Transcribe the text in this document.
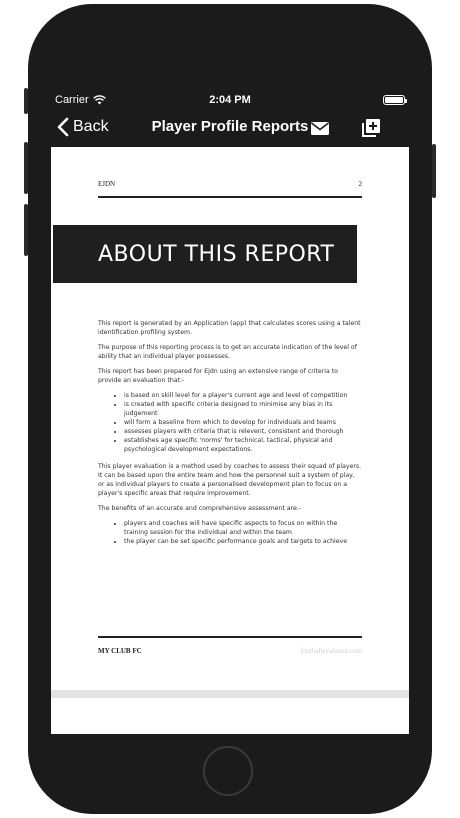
Carrier	2:04 PM
Back	Player Profile Reports
EJDN	2
ABOUT THIS REPORT

This report is generated by an Application (app) that calculates scores using a talent identification profiling system.

The purpose of this reporting process is to get an accurate indication of the level of ability that an individual player possesses.

This report has been prepared for Ejdn using an extensive range of criteria to provide an evaluation that:-

• is based on skill level for a player's current age and level of competition
• is created with specific criteria designed to minimise any bias in its judgement
• will form a baseline from which to develop for individuals and teams
• assesses players with criteria that is relevent, consistent and thorough
• establishes age specific 'norms' for technical, tactical, physical and psychological development expectations.

This player evaluation is a method used by coaches to assess their squad of players. It can be based upon the entire team and how the personnel suit a system of play, or as individual players to create a personalised development plan to focus on a player's specific areas that require improvement.

The benefits of an accurate and comprehensive assessment are:-

• players and coaches will have specific aspects to focus on within the training session for the individual and within the team
• the player can be set specific performance goals and targets to achieve
MY CLUB FC	footballevaluator.com
